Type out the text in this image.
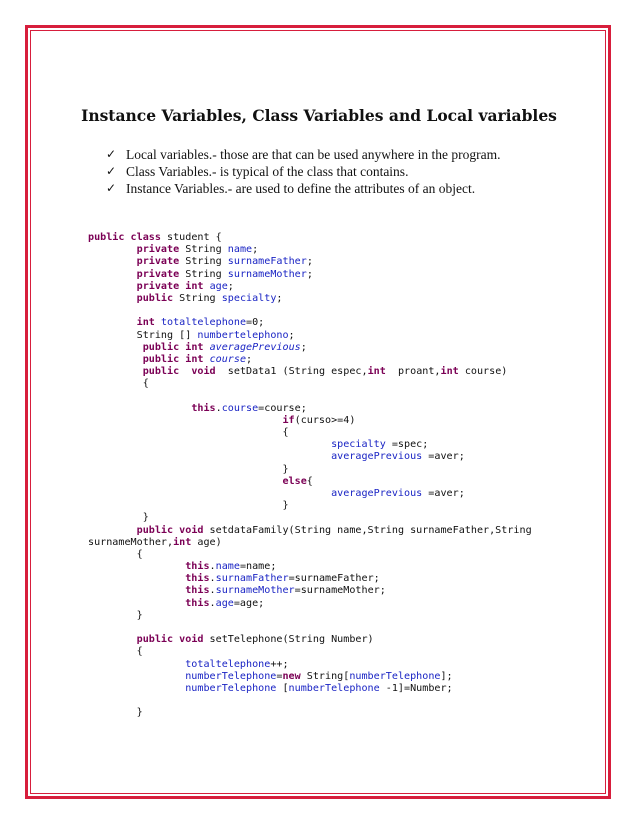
Instance Variables, Class Variables and Local variables
✓ Local variables.- those are that can be used anywhere in the program.
✓ Class Variables.- is typical of the class that contains.
✓ Instance Variables.- are used to define the attributes of an object.
public class student {
private String name;
private String surnameFather;
private String surnameMother;
private int age;
public String specialty;
int totaltelephone=0;
String [] numbertelephono;
public int averagePrevious;
public int course;
public void  setData1 (String espec,int  proant,int course)
{
this.course=course;
if(curso>=4)
{
specialty =spec;
averagePrevious =aver;
}
else{
averagePrevious =aver;
}
}
public void setdataFamily(String name,String surnameFather,String
surnameMother,int age)
{
this.name=name;
this.surnamFather=surnameFather;
this.surnameMother=surnameMother;
this.age=age;
}
public void setTelephone(String Number)
{
totaltelephone++;
numberTelephone=new String[numberTelephone];
numberTelephone [numberTelephone -1]=Number;
}
